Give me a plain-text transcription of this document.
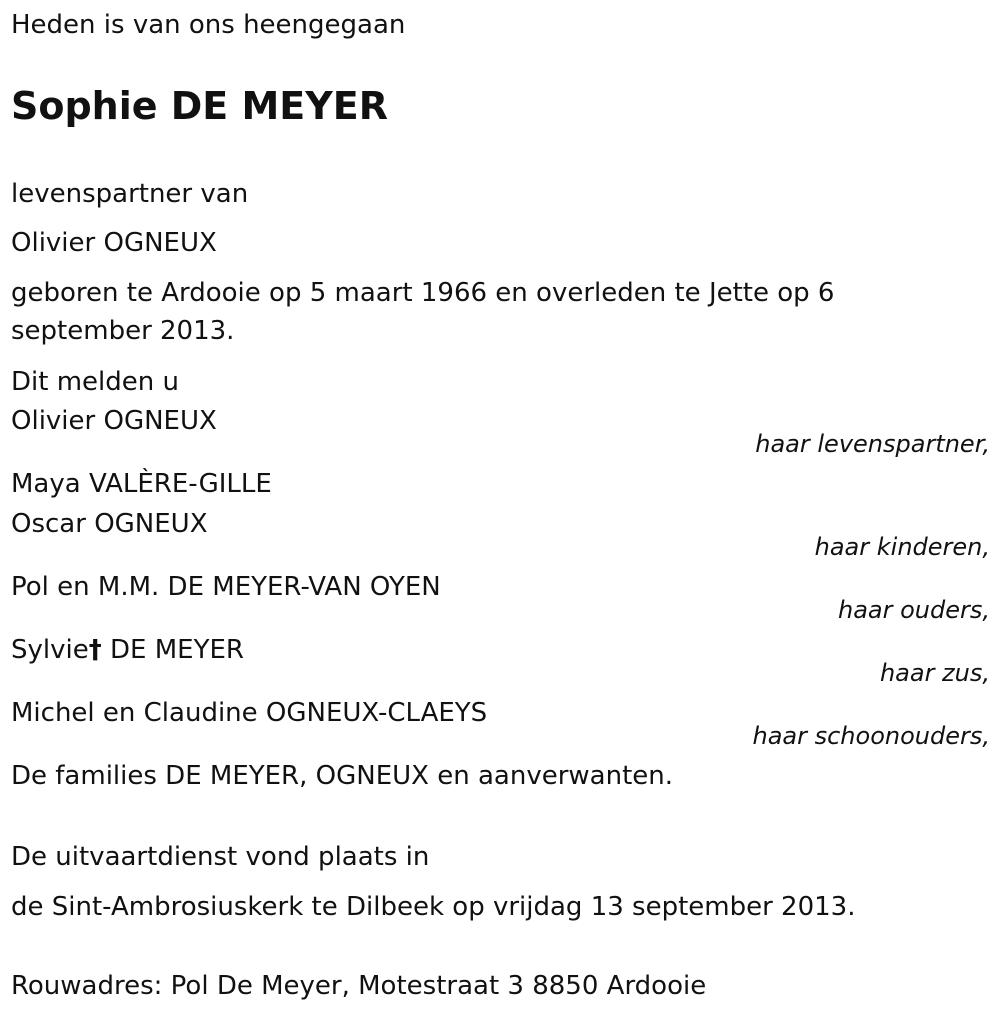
Heden is van ons heengegaan
Sophie DE MEYER
levenspartner van
Olivier OGNEUX
geboren te Ardooie op 5 maart 1966 en overleden te Jette op 6 september 2013.
Dit melden u
Olivier OGNEUX
haar levenspartner,
Maya VALÈRE-GILLE
Oscar OGNEUX
haar kinderen,
Pol en M.M. DE MEYER-VAN OYEN
haar ouders,
Sylvie† DE MEYER
haar zus,
Michel en Claudine OGNEUX-CLAEYS
haar schoonouders,
De families DE MEYER, OGNEUX en aanverwanten.
De uitvaartdienst vond plaats in
de Sint-Ambrosiuskerk te Dilbeek op vrijdag 13 september 2013.
Rouwadres: Pol De Meyer, Motestraat 3 8850 Ardooie
